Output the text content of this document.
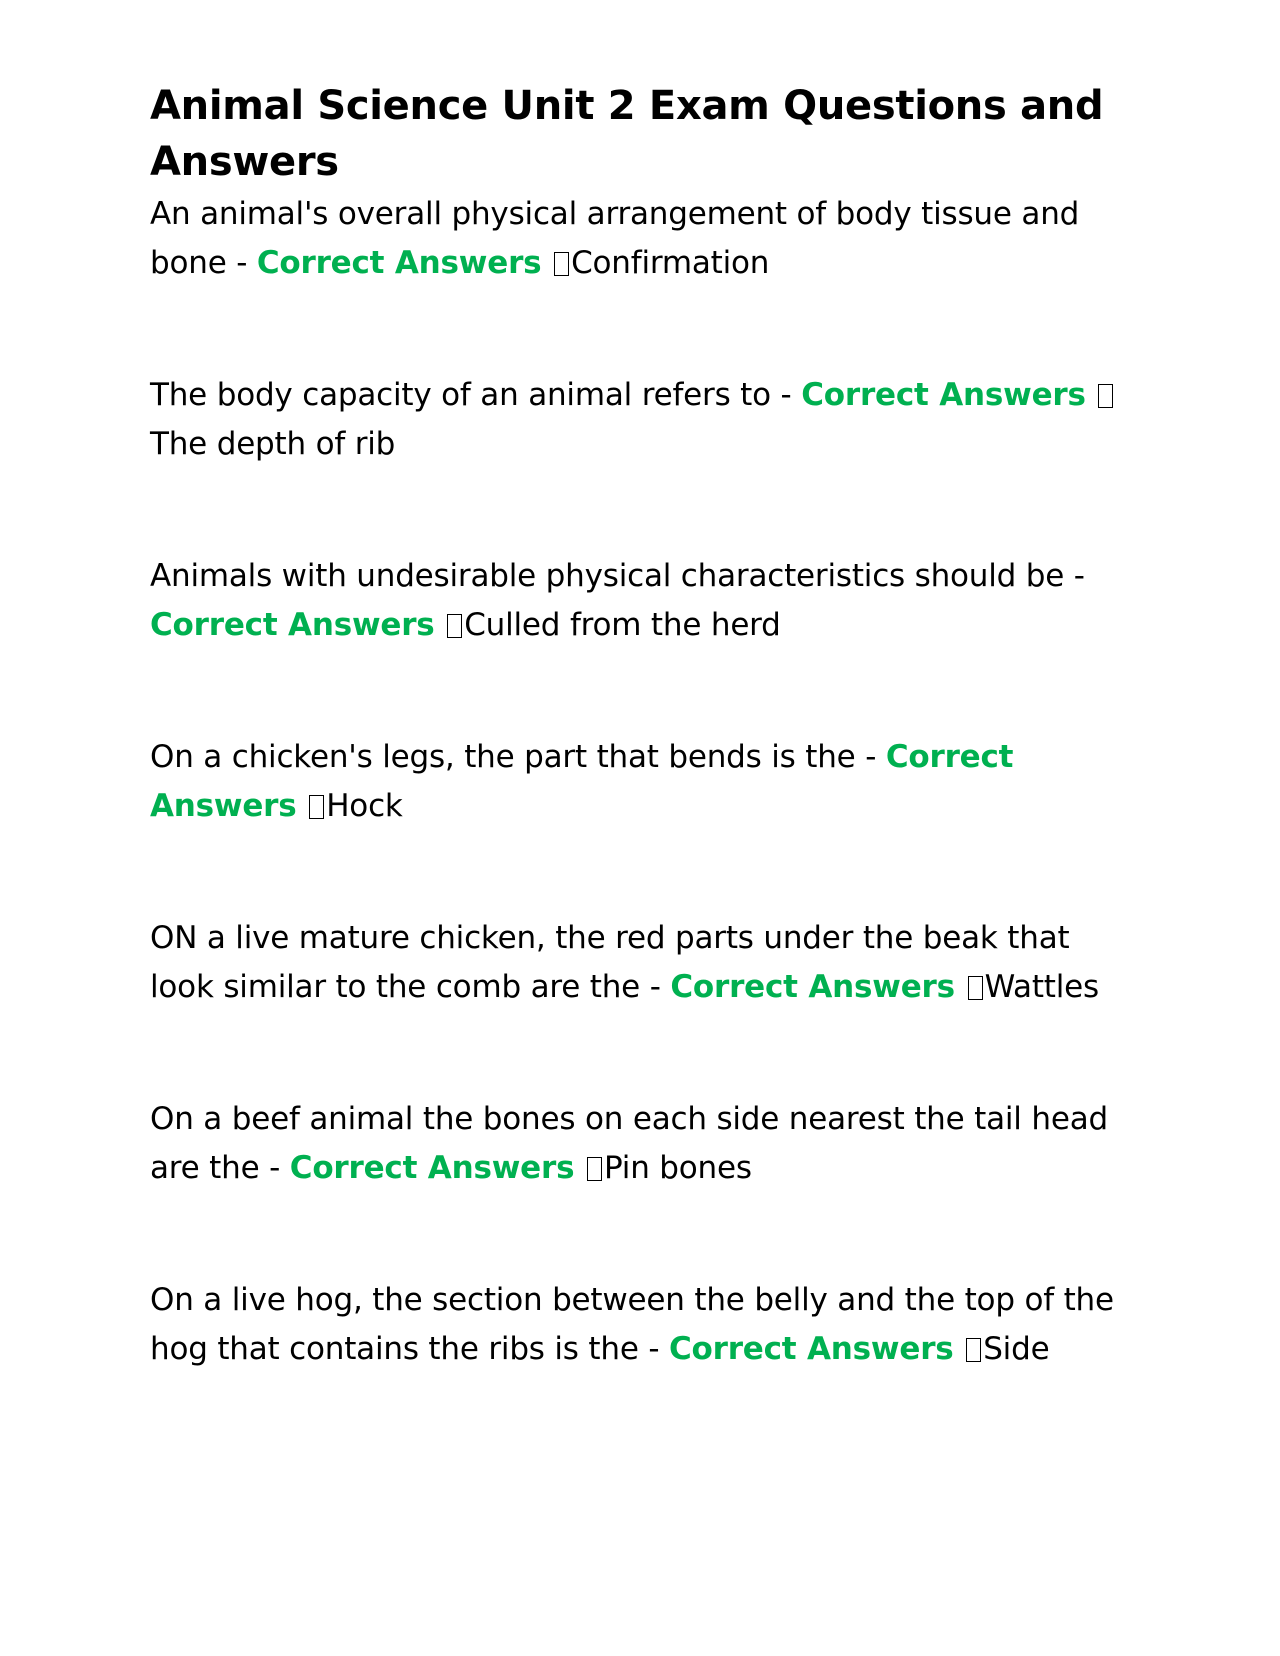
Animal Science Unit 2 Exam Questions and Answers

An animal's overall physical arrangement of body tissue and bone - Correct Answers Confirmation

The body capacity of an animal refers to - Correct Answers The depth of rib

Animals with undesirable physical characteristics should be - Correct Answers Culled from the herd

On a chicken's legs, the part that bends is the - Correct Answers Hock

ON a live mature chicken, the red parts under the beak that look similar to the comb are the - Correct Answers Wattles

On a beef animal the bones on each side nearest the tail head are the - Correct Answers Pin bones

On a live hog, the section between the belly and the top of the hog that contains the ribs is the - Correct Answers Side
